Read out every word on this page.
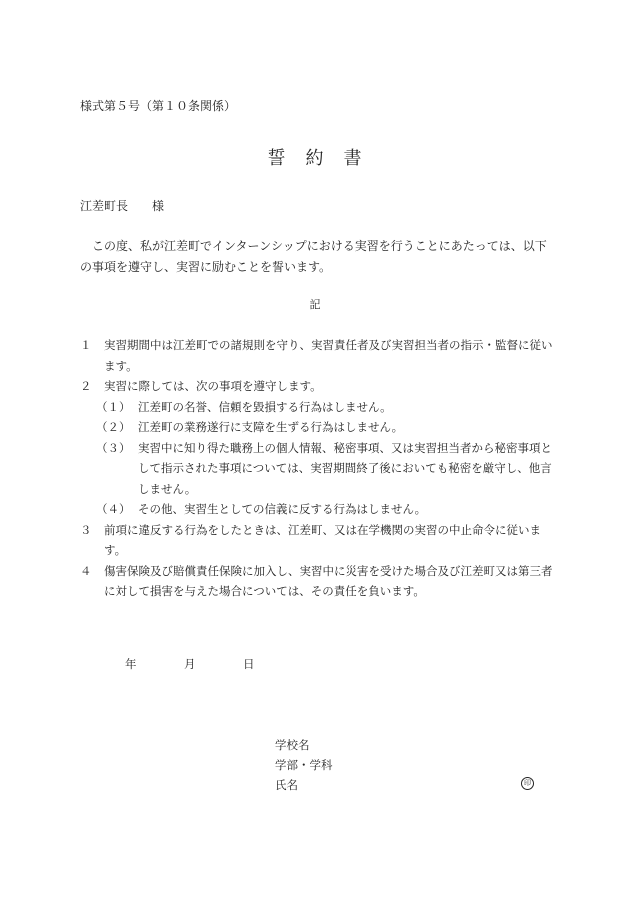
様式第５号（第１０条関係）
誓　約　書
江差町長　　様
この度、私が江差町でインターンシップにおける実習を行うことにあたっては、以下の事項を遵守し、実習に励むことを誓います。
記
１ 実習期間中は江差町での諸規則を守り、実習責任者及び実習担当者の指示・監督に従います。
２ 実習に際しては、次の事項を遵守します。
（１） 江差町の名誉、信頼を毀損する行為はしません。
（２） 江差町の業務遂行に支障を生ずる行為はしません。
（３） 実習中に知り得た職務上の個人情報、秘密事項、又は実習担当者から秘密事項として指示された事項については、実習期間終了後においても秘密を厳守し、他言しません。
（４） その他、実習生としての信義に反する行為はしません。
３ 前項に違反する行為をしたときは、江差町、又は在学機関の実習の中止命令に従います。
４ 傷害保険及び賠償責任保険に加入し、実習中に災害を受けた場合及び江差町又は第三者に対して損害を与えた場合については、その責任を負います。
年	月	日
学校名
学部・学科
氏名	印
